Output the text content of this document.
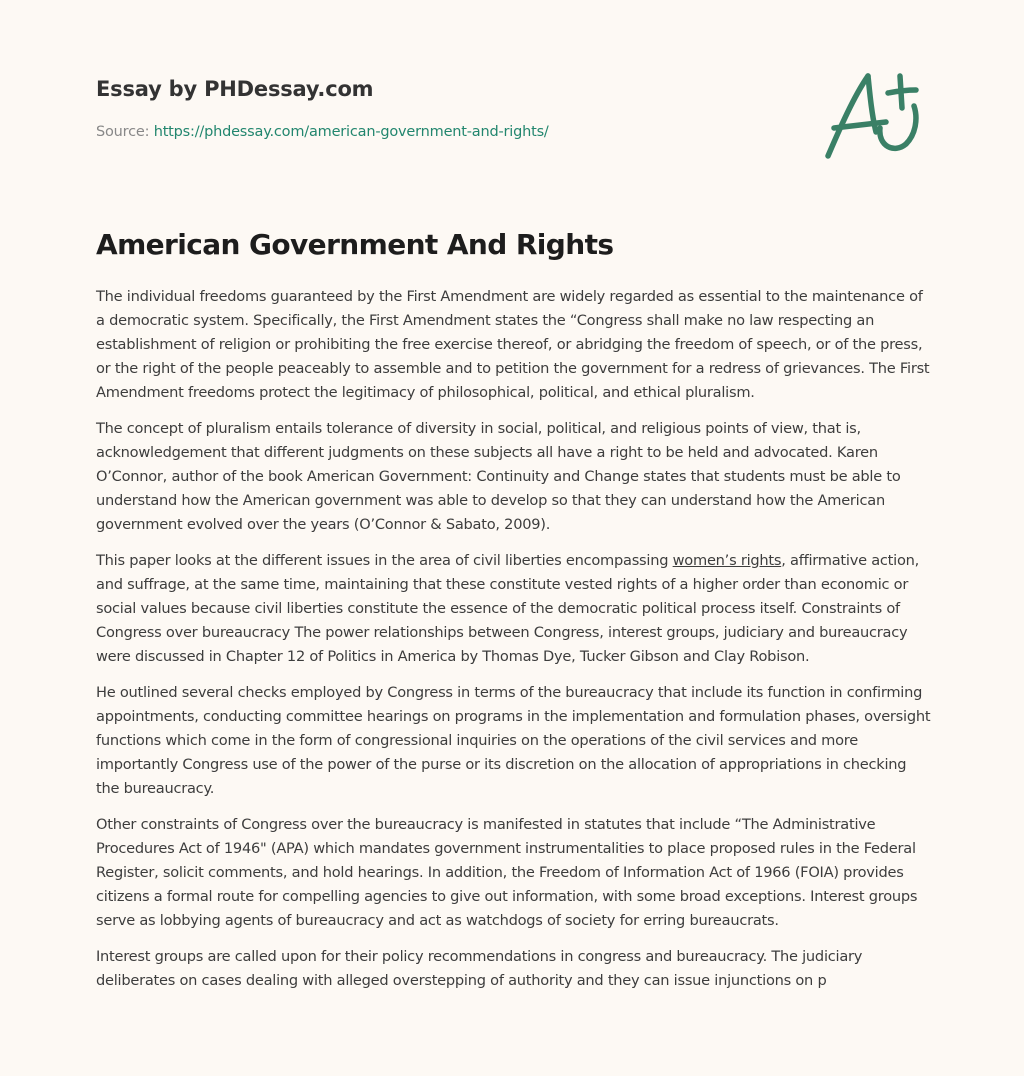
Essay by PHDessay.com
Source: https://phdessay.com/american-government-and-rights/
American Government And Rights

The individual freedoms guaranteed by the First Amendment are widely regarded as essential to the maintenance of a democratic system. Specifically, the First Amendment states the “Congress shall make no law respecting an establishment of religion or prohibiting the free exercise thereof, or abridging the freedom of speech, or of the press, or the right of the people peaceably to assemble and to petition the government for a redress of grievances. The First Amendment freedoms protect the legitimacy of philosophical, political, and ethical pluralism.

The concept of pluralism entails tolerance of diversity in social, political, and religious points of view, that is, acknowledgement that different judgments on these subjects all have a right to be held and advocated. Karen O’Connor, author of the book American Government: Continuity and Change states that students must be able to understand how the American government was able to develop so that they can understand how the American government evolved over the years (O’Connor & Sabato, 2009).

This paper looks at the different issues in the area of civil liberties encompassing women’s rights, affirmative action, and suffrage, at the same time, maintaining that these constitute vested rights of a higher order than economic or social values because civil liberties constitute the essence of the democratic political process itself. Constraints of Congress over bureaucracy The power relationships between Congress, interest groups, judiciary and bureaucracy were discussed in Chapter 12 of Politics in America by Thomas Dye, Tucker Gibson and Clay Robison.

He outlined several checks employed by Congress in terms of the bureaucracy that include its function in confirming appointments, conducting committee hearings on programs in the implementation and formulation phases, oversight functions which come in the form of congressional inquiries on the operations of the civil services and more importantly Congress use of the power of the purse or its discretion on the allocation of appropriations in checking the bureaucracy.

Other constraints of Congress over the bureaucracy is manifested in statutes that include “The Administrative Procedures Act of 1946" (APA) which mandates government instrumentalities to place proposed rules in the Federal Register, solicit comments, and hold hearings. In addition, the Freedom of Information Act of 1966 (FOIA) provides citizens a formal route for compelling agencies to give out information, with some broad exceptions. Interest groups serve as lobbying agents of bureaucracy and act as watchdogs of society for erring bureaucrats.

Interest groups are called upon for their policy recommendations in congress and bureaucracy. The judiciary deliberates on cases dealing with alleged overstepping of authority and they can issue injunctions on p
